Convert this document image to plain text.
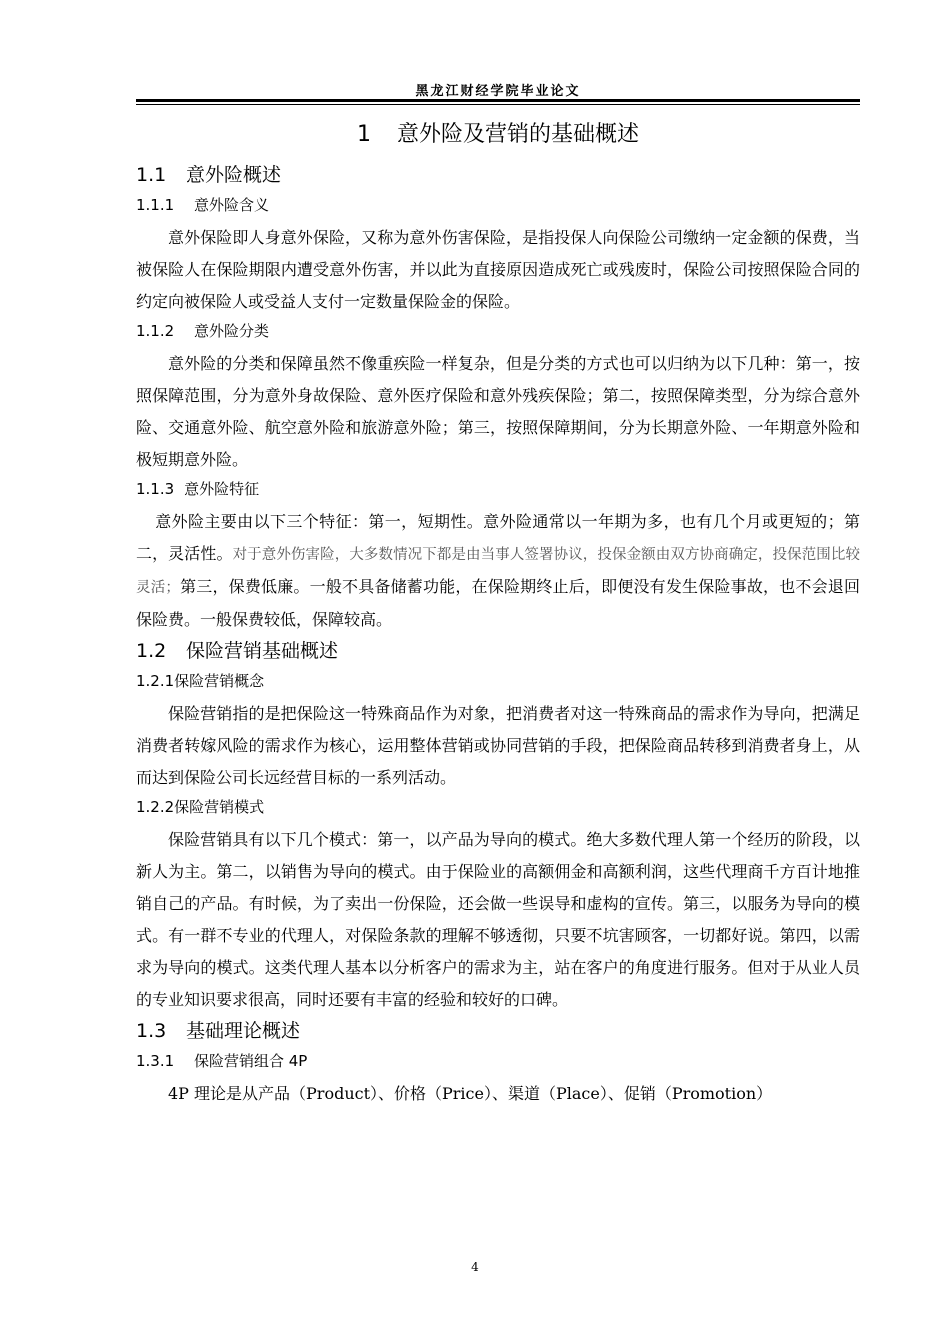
黑龙江财经学院毕业论文
1 意外险及营销的基础概述
1.1 意外险概述
1.1.1 意外险含义

意外保险即人身意外保险，又称为意外伤害保险，是指投保人向保险公司缴纳一定金额的保费，当被保险人在保险期限内遭受意外伤害，并以此为直接原因造成死亡或残废时，保险公司按照保险合同的约定向被保险人或受益人支付一定数量保险金的保险。

1.1.2 意外险分类

意外险的分类和保障虽然不像重疾险一样复杂，但是分类的方式也可以归纳为以下几种：第一，按照保障范围，分为意外身故保险、意外医疗保险和意外残疾保险；第二，按照保障类型，分为综合意外险、交通意外险、航空意外险和旅游意外险；第三，按照保障期间，分为长期意外险、一年期意外险和极短期意外险。

1.1.3 意外险特征

意外险主要由以下三个特征：第一，短期性。意外险通常以一年期为多，也有几个月或更短的；第二，灵活性。对于意外伤害险，大多数情况下都是由当事人签署协议，投保金额由双方协商确定，投保范围比较灵活；第三，保费低廉。一般不具备储蓄功能，在保险期终止后，即便没有发生保险事故，也不会退回保险费。一般保费较低，保障较高。

1.2 保险营销基础概述
1.2.1保险营销概念

保险营销指的是把保险这一特殊商品作为对象，把消费者对这一特殊商品的需求作为导向，把满足消费者转嫁风险的需求作为核心，运用整体营销或协同营销的手段，把保险商品转移到消费者身上，从而达到保险公司长远经营目标的一系列活动。

1.2.2保险营销模式

保险营销具有以下几个模式：第一，以产品为导向的模式。绝大多数代理人第一个经历的阶段，以新人为主。第二，以销售为导向的模式。由于保险业的高额佣金和高额利润，这些代理商千方百计地推销自己的产品。有时候，为了卖出一份保险，还会做一些误导和虚构的宣传。第三，以服务为导向的模式。有一群不专业的代理人，对保险条款的理解不够透彻，只要不坑害顾客，一切都好说。第四，以需求为导向的模式。这类代理人基本以分析客户的需求为主，站在客户的角度进行服务。但对于从业人员的专业知识要求很高，同时还要有丰富的经验和较好的口碑。

1.3 基础理论概述
1.3.1 保险营销组合 4P

4P 理论是从产品（Product）、价格（Price）、渠道（Place）、促销（Promotion）

4
